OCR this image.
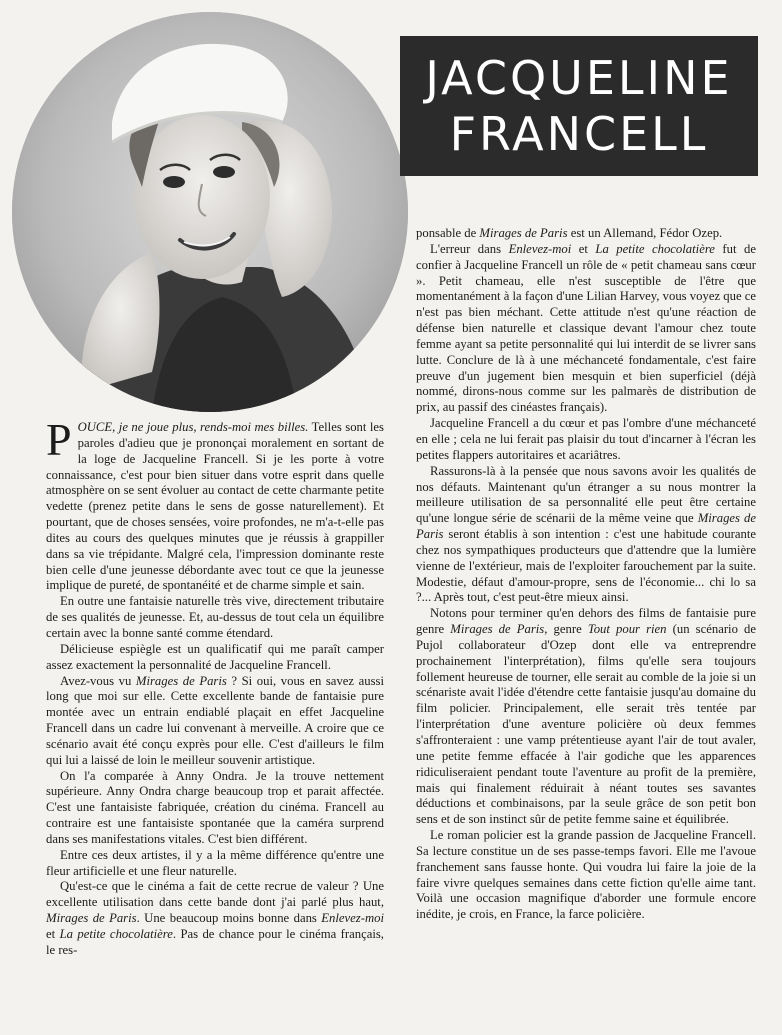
JACQUELINE
FRANCELL

POUCE, je ne joue plus, rends-moi mes billes. Telles sont les paroles d'adieu que je prononçai moralement en sortant de la loge de Jacqueline Francell. Si je les porte à votre connaissance, c'est pour bien situer dans votre esprit dans quelle atmosphère on se sent évoluer au contact de cette charmante petite vedette (prenez petite dans le sens de gosse naturellement). Et pourtant, que de choses sensées, voire profondes, ne m'a-t-elle pas dites au cours des quelques minutes que je réussis à grappiller dans sa vie trépidante. Malgré cela, l'impression dominante reste bien celle d'une jeunesse débordante avec tout ce que la jeunesse implique de pureté, de spontanéité et de charme simple et sain.

En outre une fantaisie naturelle très vive, directement tributaire de ses qualités de jeunesse. Et, au-dessus de tout cela un équilibre certain avec la bonne santé comme étendard.

Délicieuse espiègle est un qualificatif qui me paraît camper assez exactement la personnalité de Jacqueline Francell.

Avez-vous vu Mirages de Paris ? Si oui, vous en savez aussi long que moi sur elle. Cette excellente bande de fantaisie pure montée avec un entrain endiablé plaçait en effet Jacqueline Francell dans un cadre lui convenant à merveille. A croire que ce scénario avait été conçu exprès pour elle. C'est d'ailleurs le film qui lui a laissé de loin le meilleur souvenir artistique.

On l'a comparée à Anny Ondra. Je la trouve nettement supérieure. Anny Ondra charge beaucoup trop et parait affectée. C'est une fantaisiste fabriquée, création du cinéma. Francell au contraire est une fantaisiste spontanée que la caméra surprend dans ses manifestations vitales. C'est bien différent.

Entre ces deux artistes, il y a la même différence qu'entre une fleur artificielle et une fleur naturelle.

Qu'est-ce que le cinéma a fait de cette recrue de valeur ? Une excellente utilisation dans cette bande dont j'ai parlé plus haut, Mirages de Paris. Une beaucoup moins bonne dans Enlevez-moi et La petite chocolatière. Pas de chance pour le cinéma français, le res-

ponsable de Mirages de Paris est un Allemand, Fédor Ozep.

L'erreur dans Enlevez-moi et La petite chocolatière fut de confier à Jacqueline Francell un rôle de « petit chameau sans cœur ». Petit chameau, elle n'est susceptible de l'être que momentanément à la façon d'une Lilian Harvey, vous voyez que ce n'est pas bien méchant. Cette attitude n'est qu'une réaction de défense bien naturelle et classique devant l'amour chez toute femme ayant sa petite personnalité qui lui interdit de se livrer sans lutte. Conclure de là à une méchanceté fondamentale, c'est faire preuve d'un jugement bien mesquin et bien superficiel (déjà nommé, dirons-nous comme sur les palmarès de distribution de prix, au passif des cinéastes français).

Jacqueline Francell a du cœur et pas l'ombre d'une méchanceté en elle ; cela ne lui ferait pas plaisir du tout d'incarner à l'écran les petites flappers autoritaires et acariâtres.

Rassurons-là à la pensée que nous savons avoir les qualités de nos défauts. Maintenant qu'un étranger a su nous montrer la meilleure utilisation de sa personnalité elle peut être certaine qu'une longue série de scénarii de la même veine que Mirages de Paris seront établis à son intention : c'est une habitude courante chez nos sympathiques producteurs que d'attendre que la lumière vienne de l'extérieur, mais de l'exploiter farouchement par la suite. Modestie, défaut d'amour-propre, sens de l'économie... chi lo sa ?... Après tout, c'est peut-être mieux ainsi.

Notons pour terminer qu'en dehors des films de fantaisie pure genre Mirages de Paris, genre Tout pour rien (un scénario de Pujol collaborateur d'Ozep dont elle va entreprendre prochainement l'interprétation), films qu'elle sera toujours follement heureuse de tourner, elle serait au comble de la joie si un scénariste avait l'idée d'étendre cette fantaisie jusqu'au domaine du film policier. Principalement, elle serait très tentée par l'interprétation d'une aventure policière où deux femmes s'affronteraient : une vamp prétentieuse ayant l'air de tout avaler, une petite femme effacée à l'air godiche que les apparences ridiculiseraient pendant toute l'aventure au profit de la première, mais qui finalement réduirait à néant toutes ses savantes déductions et combinaisons, par la seule grâce de son petit bon sens et de son instinct sûr de petite femme saine et équilibrée.

Le roman policier est la grande passion de Jacqueline Francell. Sa lecture constitue un de ses passe-temps favori. Elle me l'avoue franchement sans fausse honte. Qui voudra lui faire la joie de la faire vivre quelques semaines dans cette fiction qu'elle aime tant. Voilà une occasion magnifique d'aborder une formule encore inédite, je crois, en France, la farce policière.
